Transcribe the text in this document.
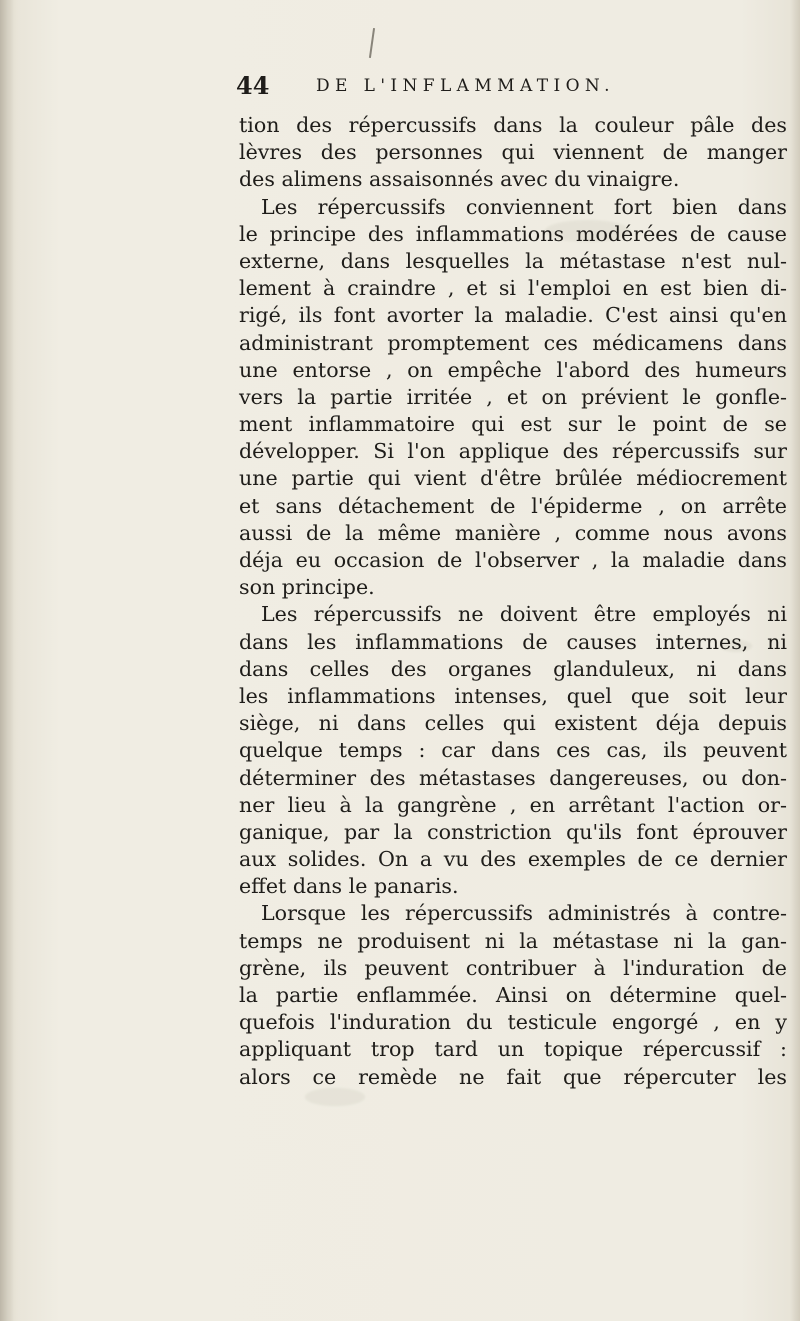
44	DE L'INFLAMMATION.

tion des répercussifs dans la couleur pâle des
lèvres des personnes qui viennent de manger
des alimens assaisonnés avec du vinaigre.

Les répercussifs conviennent fort bien dans
le principe des inflammations modérées de cause
externe, dans lesquelles la métastase n'est nul-
lement à craindre , et si l'emploi en est bien di-
rigé, ils font avorter la maladie. C'est ainsi qu'en
administrant promptement ces médicamens dans
une entorse , on empêche l'abord des humeurs
vers la partie irritée , et on prévient le gonfle-
ment inflammatoire qui est sur le point de se
développer. Si l'on applique des répercussifs sur
une partie qui vient d'être brûlée médiocrement
et sans détachement de l'épiderme , on arrête
aussi de la même manière , comme nous avons
déja eu occasion de l'observer , la maladie dans
son principe.

Les répercussifs ne doivent être employés ni
dans les inflammations de causes internes, ni
dans celles des organes glanduleux, ni dans
les inflammations intenses, quel que soit leur
siège, ni dans celles qui existent déja depuis
quelque temps : car dans ces cas, ils peuvent
déterminer des métastases dangereuses, ou don-
ner lieu à la gangrène , en arrêtant l'action or-
ganique, par la constriction qu'ils font éprouver
aux solides. On a vu des exemples de ce dernier
effet dans le panaris.

Lorsque les répercussifs administrés à contre-
temps ne produisent ni la métastase ni la gan-
grène, ils peuvent contribuer à l'induration de
la partie enflammée. Ainsi on détermine quel-
quefois l'induration du testicule engorgé , en y
appliquant trop tard un topique répercussif :
alors ce remède ne fait que répercuter les
